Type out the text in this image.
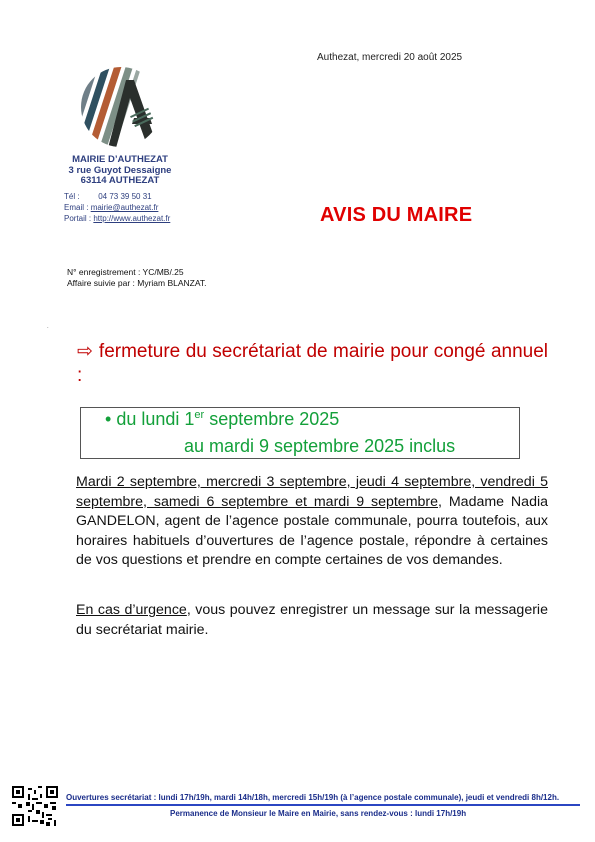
Authezat, mercredi 20 août 2025
MAIRIE D’AUTHEZAT
3 rue Guyot Dessaigne
63114 AUTHEZAT
Tél : 04 73 39 50 31
Email : mairie@authezat.fr
Portail : http://www.authezat.fr	AVIS DU MAIRE
N° enregistrement : YC/MB/.25
Affaire suivie par : Myriam BLANZAT.
.
⇨ fermeture du secrétariat de mairie pour congé annuel :
• du lundi 1er septembre 2025
au mardi 9 septembre 2025 inclus
Mardi 2 septembre, mercredi 3 septembre, jeudi 4 septembre, vendredi 5 septembre, samedi 6 septembre et mardi 9 septembre, Madame Nadia GANDELON, agent de l’agence postale communale, pourra toutefois, aux horaires habituels d’ouvertures de l’agence postale, répondre à certaines de vos questions et prendre en compte certaines de vos demandes.
En cas d’urgence, vous pouvez enregistrer un message sur la messagerie du secrétariat mairie.
Ouvertures secrétariat : lundi 17h/19h, mardi 14h/18h, mercredi 15h/19h (à l’agence postale communale), jeudi et vendredi 8h/12h.
Permanence de Monsieur le Maire en Mairie, sans rendez-vous : lundi 17h/19h
